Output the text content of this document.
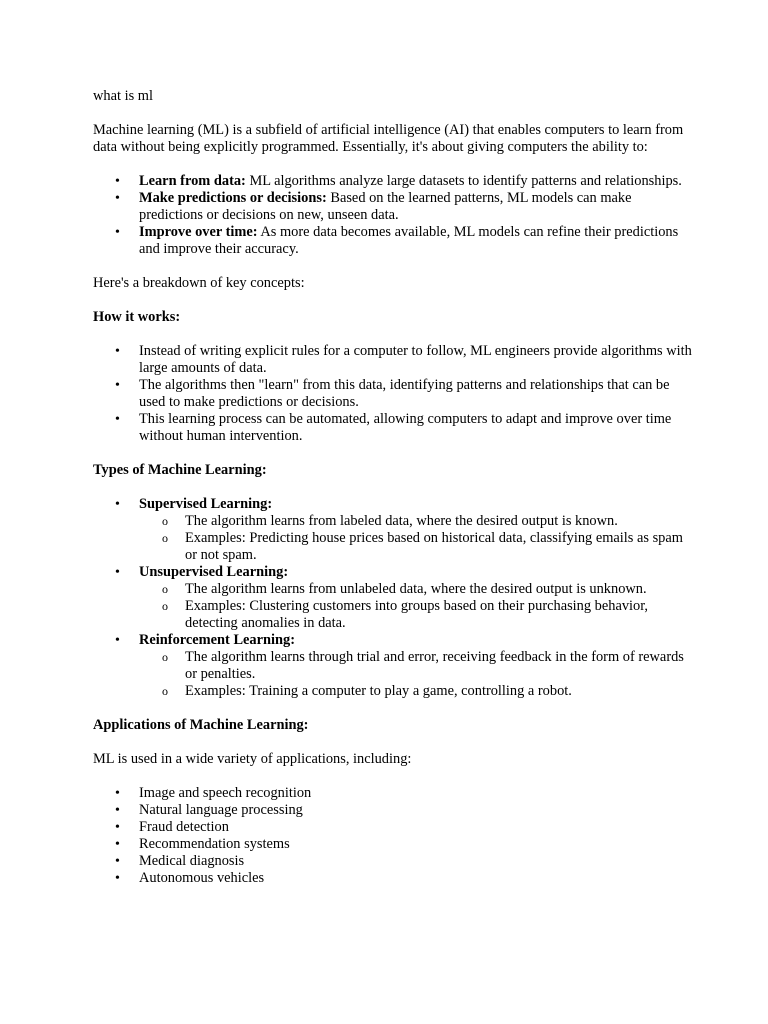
what is ml

Machine learning (ML) is a subfield of artificial intelligence (AI) that enables computers to learn from data without being explicitly programmed. Essentially, it's about giving computers the ability to:

• Learn from data: ML algorithms analyze large datasets to identify patterns and relationships.
• Make predictions or decisions: Based on the learned patterns, ML models can make predictions or decisions on new, unseen data.
• Improve over time: As more data becomes available, ML models can refine their predictions and improve their accuracy.

Here's a breakdown of key concepts:

How it works:

• Instead of writing explicit rules for a computer to follow, ML engineers provide algorithms with large amounts of data.
• The algorithms then "learn" from this data, identifying patterns and relationships that can be used to make predictions or decisions.
• This learning process can be automated, allowing computers to adapt and improve over time without human intervention.

Types of Machine Learning:

• Supervised Learning:
o The algorithm learns from labeled data, where the desired output is known.
o Examples: Predicting house prices based on historical data, classifying emails as spam or not spam.
• Unsupervised Learning:
o The algorithm learns from unlabeled data, where the desired output is unknown.
o Examples: Clustering customers into groups based on their purchasing behavior, detecting anomalies in data.
• Reinforcement Learning:
o The algorithm learns through trial and error, receiving feedback in the form of rewards or penalties.
o Examples: Training a computer to play a game, controlling a robot.

Applications of Machine Learning:

ML is used in a wide variety of applications, including:

• Image and speech recognition
• Natural language processing
• Fraud detection
• Recommendation systems
• Medical diagnosis
• Autonomous vehicles
